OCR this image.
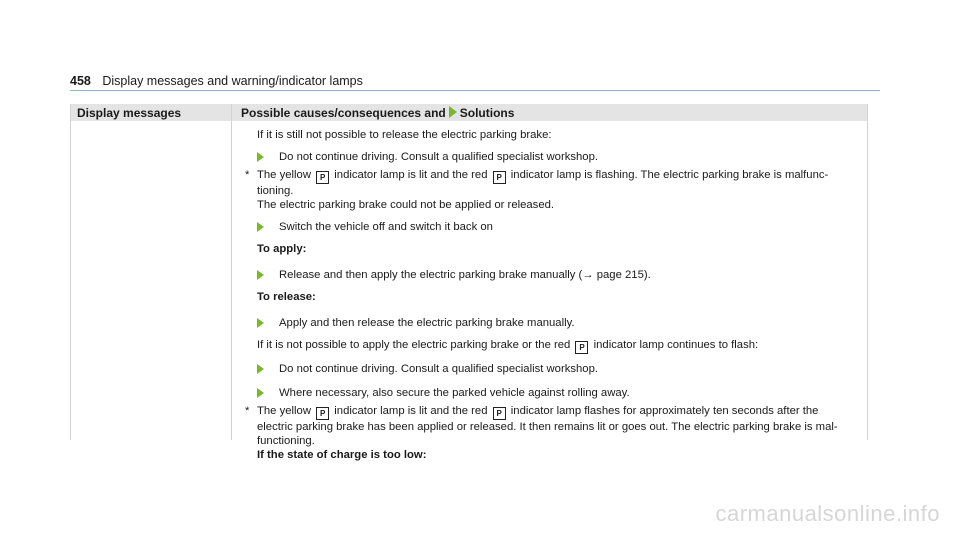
458 Display messages and warning/indicator lamps
Display messages	Possible causes/consequences and Solutions

If it is still not possible to release the electric parking brake:

Do not continue driving. Consult a qualified specialist workshop.
* The yellow P indicator lamp is lit and the red P indicator lamp is flashing. The electric parking brake is malfunc-
tioning.

The electric parking brake could not be applied or released.

Switch the vehicle off and switch it back on

To apply:

Release and then apply the electric parking brake manually (→ page 215).

To release:

Apply and then release the electric parking brake manually.

If it is not possible to apply the electric parking brake or the red P indicator lamp continues to flash:

Do not continue driving. Consult a qualified specialist workshop.
Where necessary, also secure the parked vehicle against rolling away.
* The yellow P indicator lamp is lit and the red P indicator lamp flashes for approximately ten seconds after the
electric parking brake has been applied or released. It then remains lit or goes out. The electric parking brake is mal-
functioning.

If the state of charge is too low:

carmanualsonline.info
